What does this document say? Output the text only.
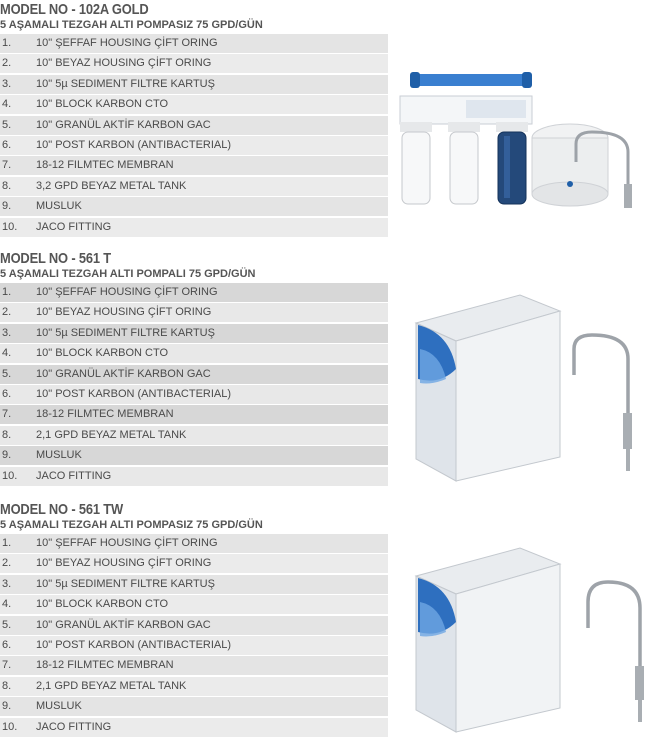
MODEL NO - 102A GOLD
5 AŞAMALI TEZGAH ALTI POMPASIZ 75 GPD/GÜN
1. 10" ŞEFFAF HOUSING ÇİFT ORING
2. 10" BEYAZ HOUSING ÇİFT ORING
3. 10" 5µ SEDIMENT FILTRE KARTUŞ
4. 10" BLOCK KARBON CTO
5. 10" GRANÜL AKTİF KARBON GAC
6. 10" POST KARBON (ANTIBACTERIAL)
7. 18-12 FILMTEC MEMBRAN
8. 3,2 GPD BEYAZ METAL TANK
9. MUSLUK
10. JACO FITTING
MODEL NO - 561 T
5 AŞAMALI TEZGAH ALTI POMPALI 75 GPD/GÜN
1. 10" ŞEFFAF HOUSING ÇİFT ORING
2. 10" BEYAZ HOUSING ÇİFT ORING
3. 10" 5µ SEDIMENT FILTRE KARTUŞ
4. 10" BLOCK KARBON CTO
5. 10" GRANÜL AKTİF KARBON GAC
6. 10" POST KARBON (ANTIBACTERIAL)
7. 18-12 FILMTEC MEMBRAN
8. 2,1 GPD BEYAZ METAL TANK
9. MUSLUK
10. JACO FITTING
MODEL NO - 561 TW
5 AŞAMALI TEZGAH ALTI POMPASIZ 75 GPD/GÜN
1. 10" ŞEFFAF HOUSING ÇİFT ORING
2. 10" BEYAZ HOUSING ÇİFT ORING
3. 10" 5µ SEDIMENT FILTRE KARTUŞ
4. 10" BLOCK KARBON CTO
5. 10" GRANÜL AKTİF KARBON GAC
6. 10" POST KARBON (ANTIBACTERIAL)
7. 18-12 FILMTEC MEMBRAN
8. 2,1 GPD BEYAZ METAL TANK
9. MUSLUK
10. JACO FITTING
